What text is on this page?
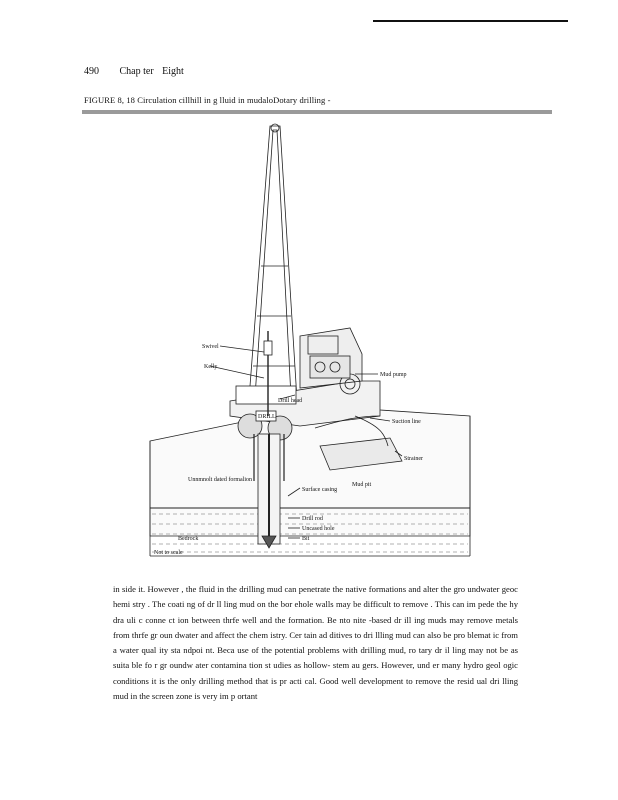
490 Chap ter Eight
FIGURE 8, 18 Circulation cillhill in g lluid in mudaloDotary drilling -
Swivel
Kelly
Mud pump
Drill head
DRILL
Suction line
Strainer
Unnmnolt dated formalion
Mud pit
Surface casing
Drill rod
Uncased hole
Bit
Bedrock
Not to scale

in side it. However , the fluid in the drilling mud can penetrate the native formations and alter the gro undwater geoc hemi stry . The coati ng of dr ll ling mud on the bor ehole walls may be difficult to remove . This can im pede the hy dra uli c conne ct ion between thrfe well and the formation. Be nto nite -based dr ill ing muds may remove metals from thrfe gr oun dwater and affect the chem istry. Cer tain ad ditives to dri llling mud can also be pro blemat ic from a water qual ity sta ndpoi nt. Beca use of the potential problems with drilling mud, ro tary dr il ling may not be as suita ble fo r gr oundw ater contamina tion st udies as hollow- stem au gers. However, und er many hydro geol ogic conditions it is the only drilling method that is pr acti cal. Good well development to remove the resid ual dri lling mud in the screen zone is very im p ortant
